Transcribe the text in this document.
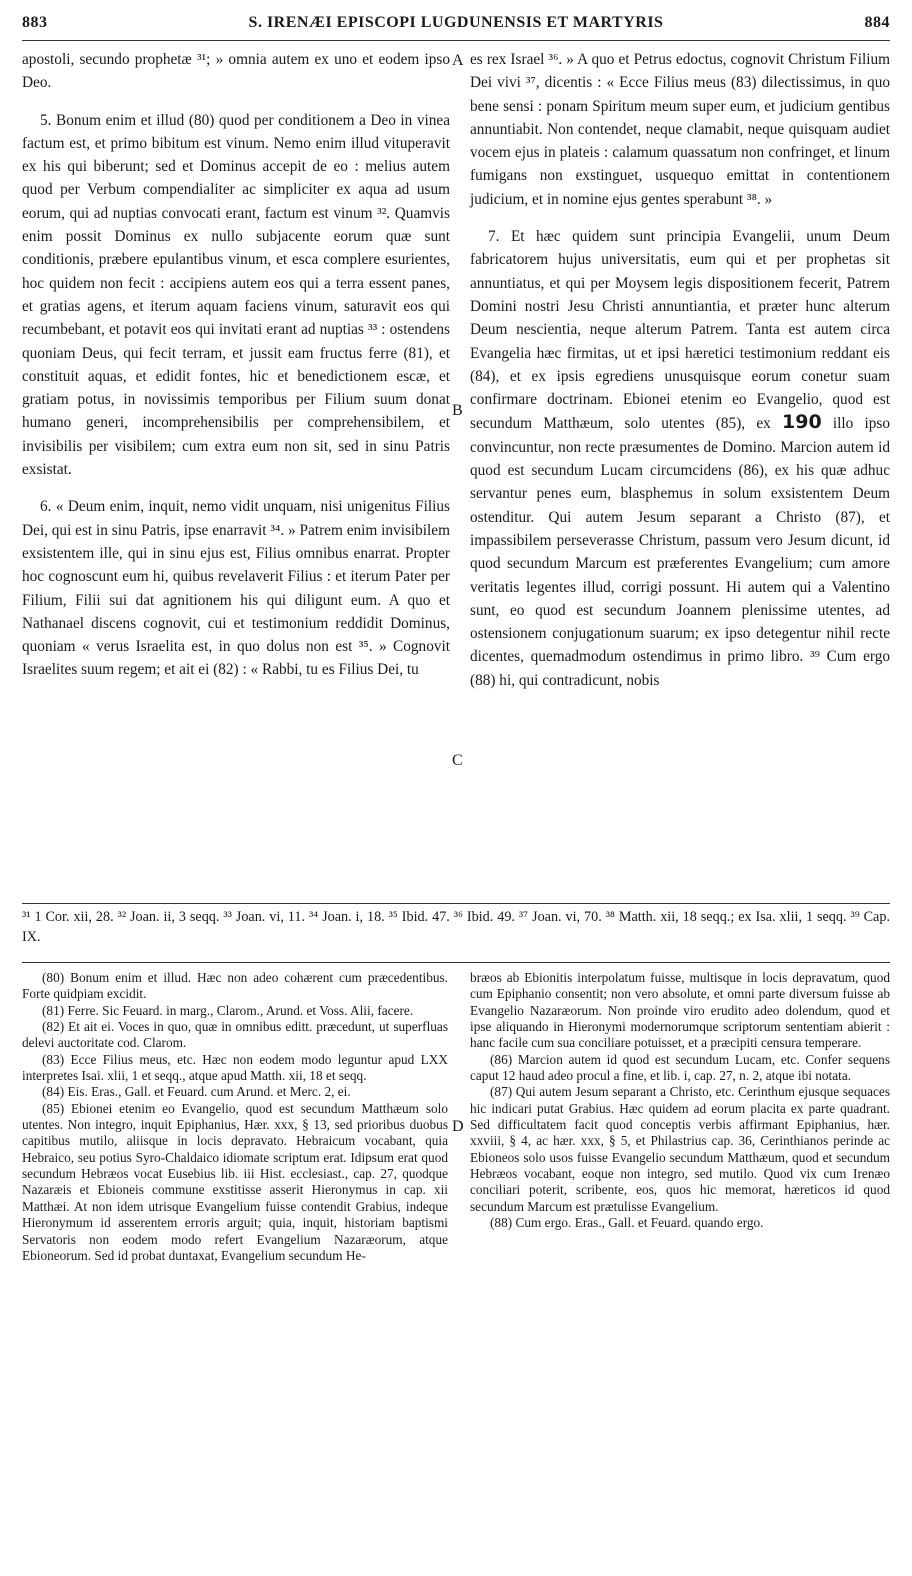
883	S. IRENÆI EPISCOPI LUGDUNENSIS ET MARTYRIS	884

apostoli, secundo prophetæ ³¹; » omnia autem ex uno et eodem ipso Deo.

5. Bonum enim et illud (80) quod per conditionem a Deo in vinea factum est, et primo bibitum est vinum. Nemo enim illud vituperavit ex his qui biberunt; sed et Dominus accepit de eo : melius autem quod per Verbum compendialiter ac simpliciter ex aqua ad usum eorum, qui ad nuptias convocati erant, factum est vinum ³². Quamvis enim possit Dominus ex nullo subjacente eorum quæ sunt conditionis, præbere epulantibus vinum, et esca complere esurientes, hoc quidem non fecit : accipiens autem eos qui a terra essent panes, et gratias agens, et iterum aquam faciens vinum, saturavit eos qui recumbebant, et potavit eos qui invitati erant ad nuptias ³³ : ostendens quoniam Deus, qui fecit terram, et jussit eam fructus ferre (81), et constituit aquas, et edidit fontes, hic et benedictionem escæ, et gratiam potus, in novissimis temporibus per Filium suum donat humano generi, incomprehensibilis per comprehensibilem, et invisibilis per visibilem; cum extra eum non sit, sed in sinu Patris exsistat.

6. « Deum enim, inquit, nemo vidit unquam, nisi unigenitus Filius Dei, qui est in sinu Patris, ipse enarravit ³⁴. » Patrem enim invisibilem exsistentem ille, qui in sinu ejus est, Filius omnibus enarrat. Propter hoc cognoscunt eum hi, quibus revelaverit Filius : et iterum Pater per Filium, Filii sui dat agnitionem his qui diligunt eum. A quo et Nathanael discens cognovit, cui et testimonium reddidit Dominus, quoniam « verus Israelita est, in quo dolus non est ³⁵. » Cognovit Israelites suum regem; et ait ei (82) : « Rabbi, tu es Filius Dei, tu

A
B
C

es rex Israel ³⁶. » A quo et Petrus edoctus, cognovit Christum Filium Dei vivi ³⁷, dicentis : « Ecce Filius meus (83) dilectissimus, in quo bene sensi : ponam Spiritum meum super eum, et judicium gentibus annuntiabit. Non contendet, neque clamabit, neque quisquam audiet vocem ejus in plateis : calamum quassatum non confringet, et linum fumigans non exstinguet, usquequo emittat in contentionem judicium, et in nomine ejus gentes sperabunt ³⁸. »

7. Et hæc quidem sunt principia Evangelii, unum Deum fabricatorem hujus universitatis, eum qui et per prophetas sit annuntiatus, et qui per Moysem legis dispositionem fecerit, Patrem Domini nostri Jesu Christi annuntiantia, et præter hunc alterum Deum nescientia, neque alterum Patrem. Tanta est autem circa Evangelia hæc firmitas, ut et ipsi hæretici testimonium reddant eis (84), et ex ipsis egrediens unusquisque eorum conetur suam confirmare doctrinam. Ebionei etenim eo Evangelio, quod est secundum Matthæum, solo utentes (85), ex 190 illo ipso convincuntur, non recte præsumentes de Domino. Marcion autem id quod est secundum Lucam circumcidens (86), ex his quæ adhuc servantur penes eum, blasphemus in solum exsistentem Deum ostenditur. Qui autem Jesum separant a Christo (87), et impassibilem perseverasse Christum, passum vero Jesum dicunt, id quod secundum Marcum est præferentes Evangelium; cum amore veritatis legentes illud, corrigi possunt. Hi autem qui a Valentino sunt, eo quod est secundum Joannem plenissime utentes, ad ostensionem conjugationum suarum; ex ipso detegentur nihil recte dicentes, quemadmodum ostendimus in primo libro. ³⁹ Cum ergo (88) hi, qui contradicunt, nobis

³¹ 1 Cor. xii, 28. ³² Joan. ii, 3 seqq. ³³ Joan. vi, 11. ³⁴ Joan. i, 18. ³⁵ Ibid. 47. ³⁶ Ibid. 49. ³⁷ Joan. vi, 70. ³⁸ Matth. xii, 18 seqq.; ex Isa. xlii, 1 seqq. ³⁹ Cap. IX.

(80) Bonum enim et illud. Hæc non adeo cohærent cum præcedentibus. Forte quidpiam excidit.

(81) Ferre. Sic Feuard. in marg., Clarom., Arund. et Voss. Alii, facere.

(82) Et ait ei. Voces in quo, quæ in omnibus editt. præcedunt, ut superfluas delevi auctoritate cod. Clarom.

(83) Ecce Filius meus, etc. Hæc non eodem modo leguntur apud LXX interpretes Isai. xlii, 1 et seqq., atque apud Matth. xii, 18 et seqq.

(84) Eis. Eras., Gall. et Feuard. cum Arund. et Merc. 2, ei.

(85) Ebionei etenim eo Evangelio, quod est secundum Matthæum solo utentes. Non integro, inquit Epiphanius, Hær. xxx, § 13, sed prioribus duobus capitibus mutilo, aliisque in locis depravato. Hebraicum vocabant, quia Hebraico, seu potius Syro-Chaldaico idiomate scriptum erat. Idipsum erat quod secundum Hebræos vocat Eusebius lib. iii Hist. ecclesiast., cap. 27, quodque Nazaræis et Ebioneis commune exstitisse asserit Hieronymus in cap. xii Matthæi. At non idem utrisque Evangelium fuisse contendit Grabius, indeque Hieronymum id asserentem erroris arguit; quia, inquit, historiam baptismi Servatoris non eodem modo refert Evangelium Nazaræorum, atque Ebioneorum. Sed id probat duntaxat, Evangelium secundum He-

D

bræos ab Ebionitis interpolatum fuisse, multisque in locis depravatum, quod cum Epiphanio consentit; non vero absolute, et omni parte diversum fuisse ab Evangelio Nazaræorum. Non proinde viro erudito adeo dolendum, quod et ipse aliquando in Hieronymi modernorumque scriptorum sententiam abierit : hanc facile cum sua conciliare potuisset, et a præcipiti censura temperare.

(86) Marcion autem id quod est secundum Lucam, etc. Confer sequens caput 12 haud adeo procul a fine, et lib. i, cap. 27, n. 2, atque ibi notata.

(87) Qui autem Jesum separant a Christo, etc. Cerinthum ejusque sequaces hic indicari putat Grabius. Hæc quidem ad eorum placita ex parte quadrant. Sed difficultatem facit quod conceptis verbis affirmant Epiphanius, hær. xxviii, § 4, ac hær. xxx, § 5, et Philastrius cap. 36, Cerinthianos perinde ac Ebioneos solo usos fuisse Evangelio secundum Matthæum, quod et secundum Hebræos vocabant, eoque non integro, sed mutilo. Quod vix cum Irenæo conciliari poterit, scribente, eos, quos hic memorat, hæreticos id quod secundum Marcum est prætulisse Evangelium.

(88) Cum ergo. Eras., Gall. et Feuard. quando ergo.
